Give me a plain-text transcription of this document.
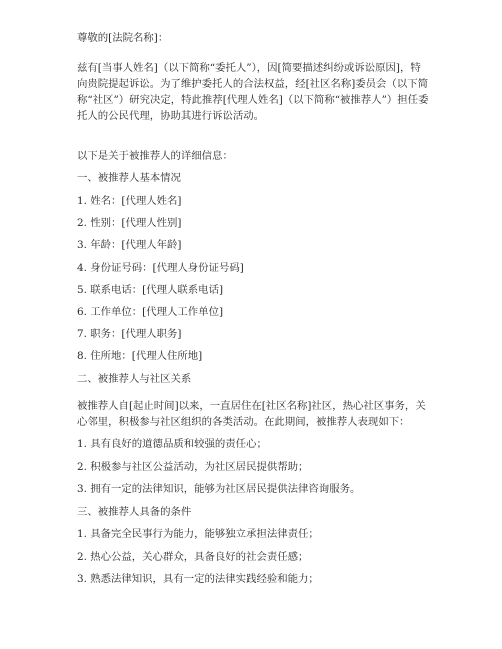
尊敬的[法院名称]：
兹有[当事人姓名]（以下简称“委托人”），因[简要描述纠纷或诉讼原因]，特向贵院提起诉讼。为了维护委托人的合法权益，经[社区名称]委员会（以下简称“社区”）研究决定，特此推荐[代理人姓名]（以下简称“被推荐人”）担任委托人的公民代理，协助其进行诉讼活动。
以下是关于被推荐人的详细信息：
一、被推荐人基本情况
1. 姓名：[代理人姓名]
2. 性别：[代理人性别]
3. 年龄：[代理人年龄]
4. 身份证号码：[代理人身份证号码]
5. 联系电话：[代理人联系电话]
6. 工作单位：[代理人工作单位]
7. 职务：[代理人职务]
8. 住所地：[代理人住所地]
二、被推荐人与社区关系
被推荐人自[起止时间]以来，一直居住在[社区名称]社区，热心社区事务，关心邻里，积极参与社区组织的各类活动。在此期间，被推荐人表现如下：
1. 具有良好的道德品质和较强的责任心；
2. 积极参与社区公益活动，为社区居民提供帮助；
3. 拥有一定的法律知识，能够为社区居民提供法律咨询服务。
三、被推荐人具备的条件
1. 具备完全民事行为能力，能够独立承担法律责任；
2. 热心公益，关心群众，具备良好的社会责任感；
3. 熟悉法律知识，具有一定的法律实践经验和能力；
